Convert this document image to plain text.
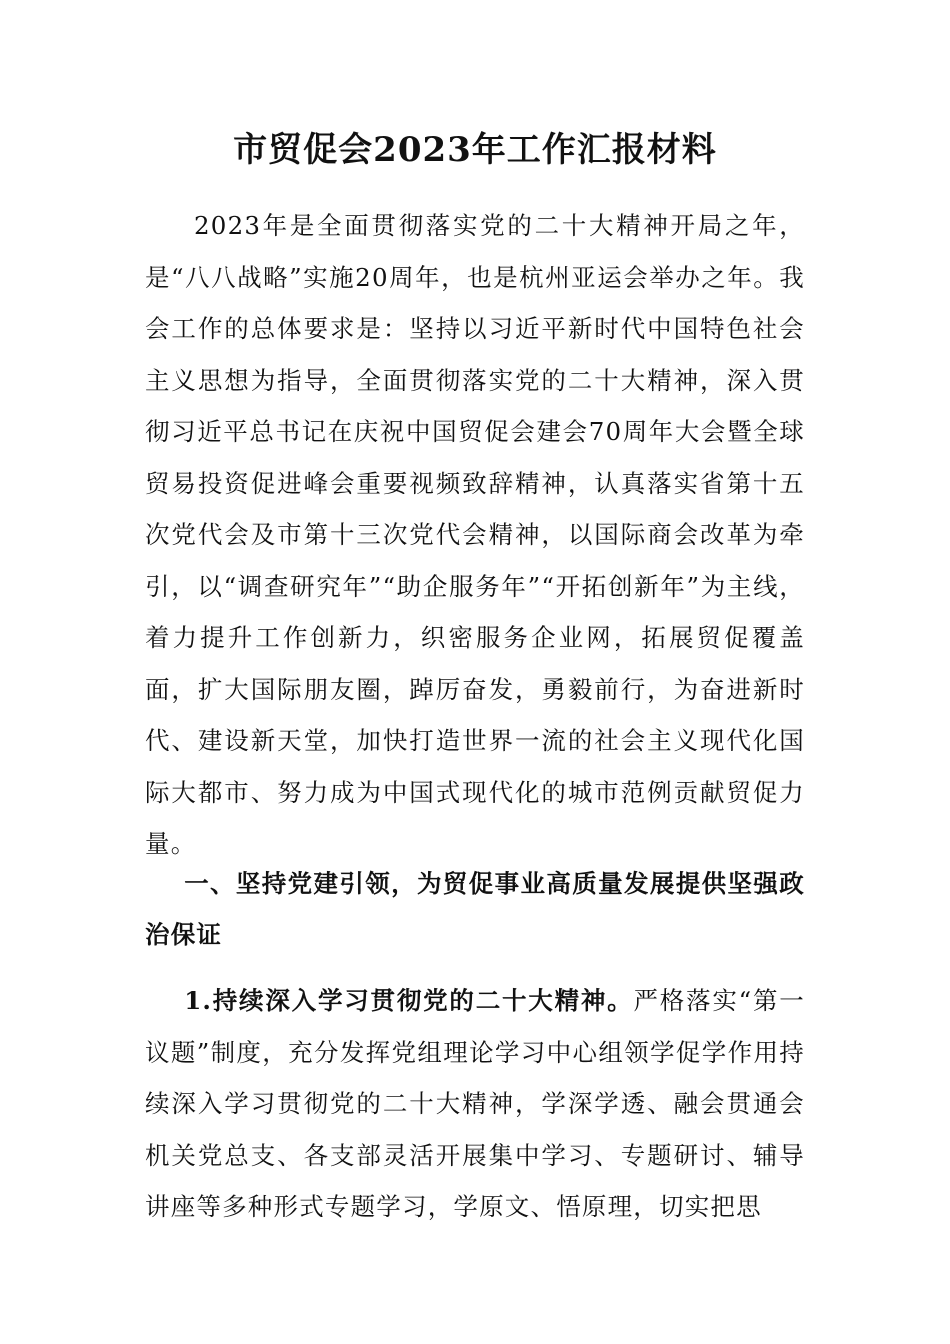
市贸促会2023年工作汇报材料
2023年是全面贯彻落实党的二十大精神开局之年，是“八八战略”实施20周年，也是杭州亚运会举办之年。我会工作的总体要求是：坚持以习近平新时代中国特色社会主义思想为指导，全面贯彻落实党的二十大精神，深入贯彻习近平总书记在庆祝中国贸促会建会70周年大会暨全球贸易投资促进峰会重要视频致辞精神，认真落实省第十五次党代会及市第十三次党代会精神，以国际商会改革为牵引，以“调查研究年”“助企服务年”“开拓创新年”为主线，着力提升工作创新力，织密服务企业网，拓展贸促覆盖面，扩大国际朋友圈，踔厉奋发，勇毅前行，为奋进新时代、建设新天堂，加快打造世界一流的社会主义现代化国际大都市、努力成为中国式现代化的城市范例贡献贸促力量。
一、坚持党建引领，为贸促事业高质量发展提供坚强政治保证
1.持续深入学习贯彻党的二十大精神。严格落实“第一议题”制度，充分发挥党组理论学习中心组领学促学作用持续深入学习贯彻党的二十大精神，学深学透、融会贯通会机关党总支、各支部灵活开展集中学习、专题研讨、辅导讲座等多种形式专题学习，学原文、悟原理，切实把思
